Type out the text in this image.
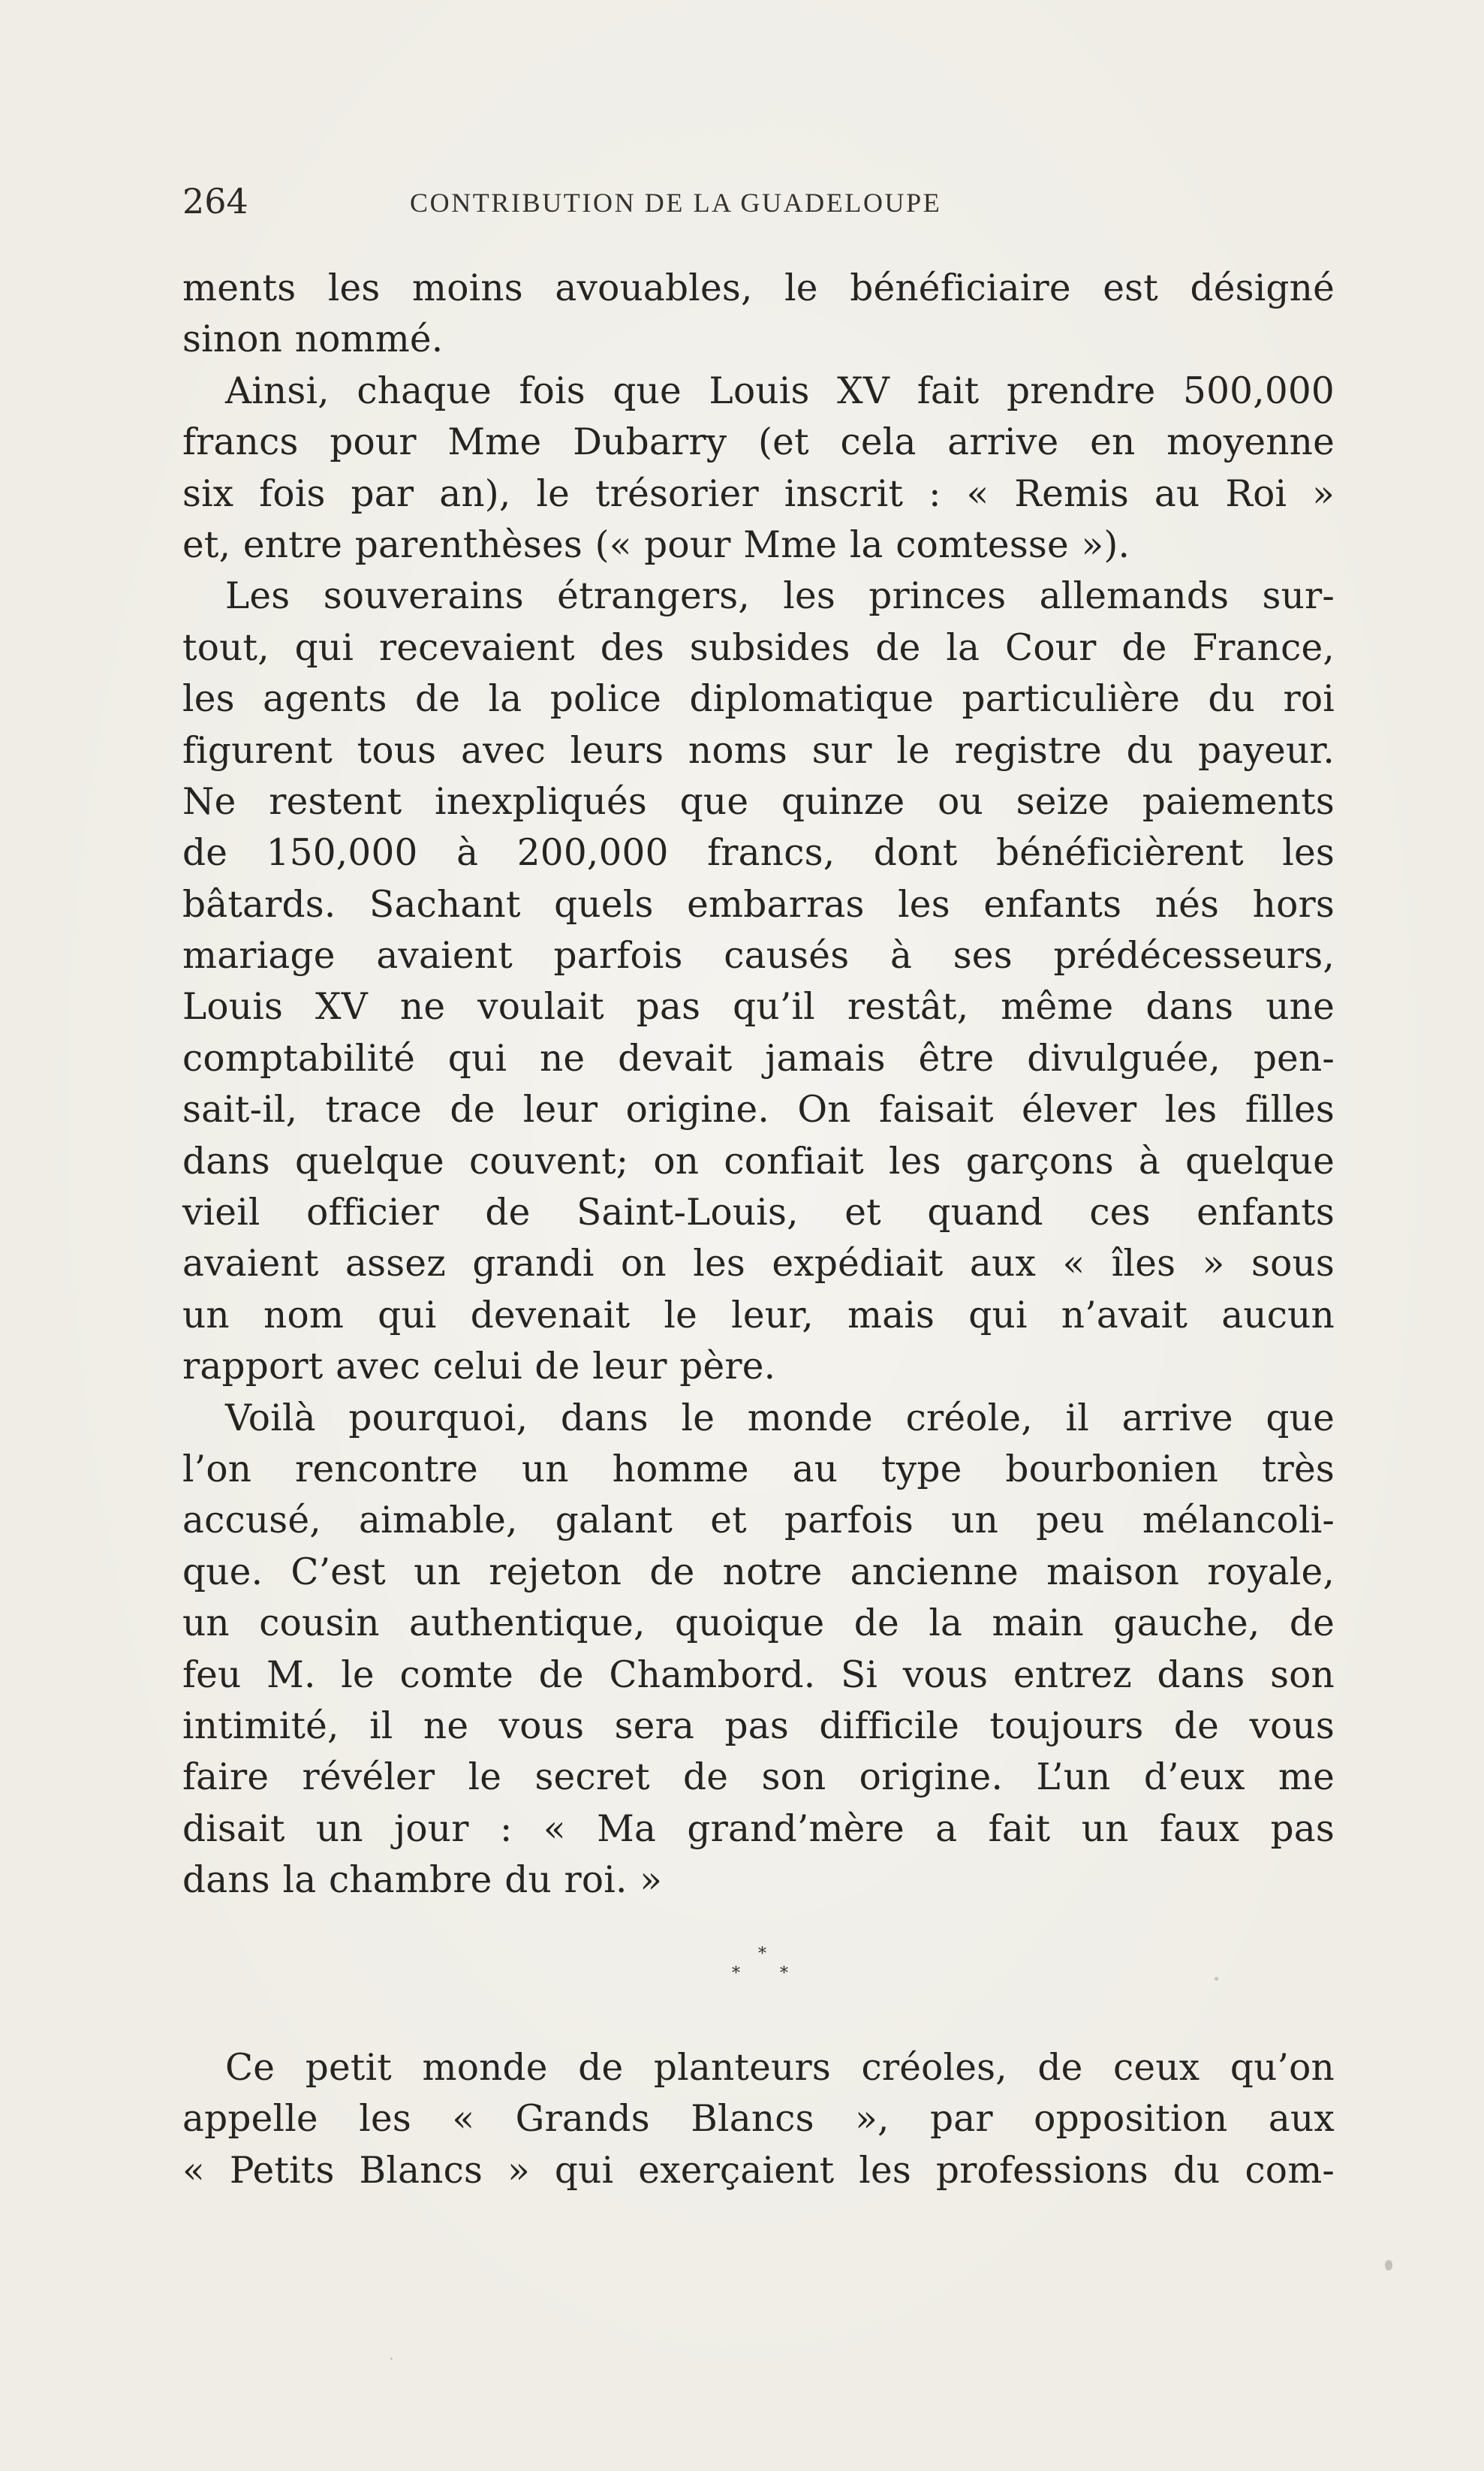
264	CONTRIBUTION DE LA GUADELOUPE
ments les moins avouables, le bénéficiaire est désigné
sinon nommé.
Ainsi, chaque fois que Louis XV fait prendre 500,000
francs pour Mme Dubarry (et cela arrive en moyenne
six fois par an), le trésorier inscrit : « Remis au Roi »
et, entre parenthèses (« pour Mme la comtesse »).
Les souverains étrangers, les princes allemands sur-
tout, qui recevaient des subsides de la Cour de France,
les agents de la police diplomatique particulière du roi
figurent tous avec leurs noms sur le registre du payeur.
Ne restent inexpliqués que quinze ou seize paiements
de 150,000 à 200,000 francs, dont bénéficièrent les
bâtards. Sachant quels embarras les enfants nés hors
mariage avaient parfois causés à ses prédécesseurs,
Louis XV ne voulait pas qu’il restât, même dans une
comptabilité qui ne devait jamais être divulguée, pen-
sait-il, trace de leur origine. On faisait élever les filles
dans quelque couvent; on confiait les garçons à quelque
vieil officier de Saint-Louis, et quand ces enfants
avaient assez grandi on les expédiait aux « îles » sous
un nom qui devenait le leur, mais qui n’avait aucun
rapport avec celui de leur père.
Voilà pourquoi, dans le monde créole, il arrive que
l’on rencontre un homme au type bourbonien très
accusé, aimable, galant et parfois un peu mélancoli-
que. C’est un rejeton de notre ancienne maison royale,
un cousin authentique, quoique de la main gauche, de
feu M. le comte de Chambord. Si vous entrez dans son
intimité, il ne vous sera pas difficile toujours de vous
faire révéler le secret de son origine. L’un d’eux me
disait un jour : « Ma grand’mère a fait un faux pas
dans la chambre du roi. »
*
* *
Ce petit monde de planteurs créoles, de ceux qu’on
appelle les « Grands Blancs », par opposition aux
« Petits Blancs » qui exerçaient les professions du com-
